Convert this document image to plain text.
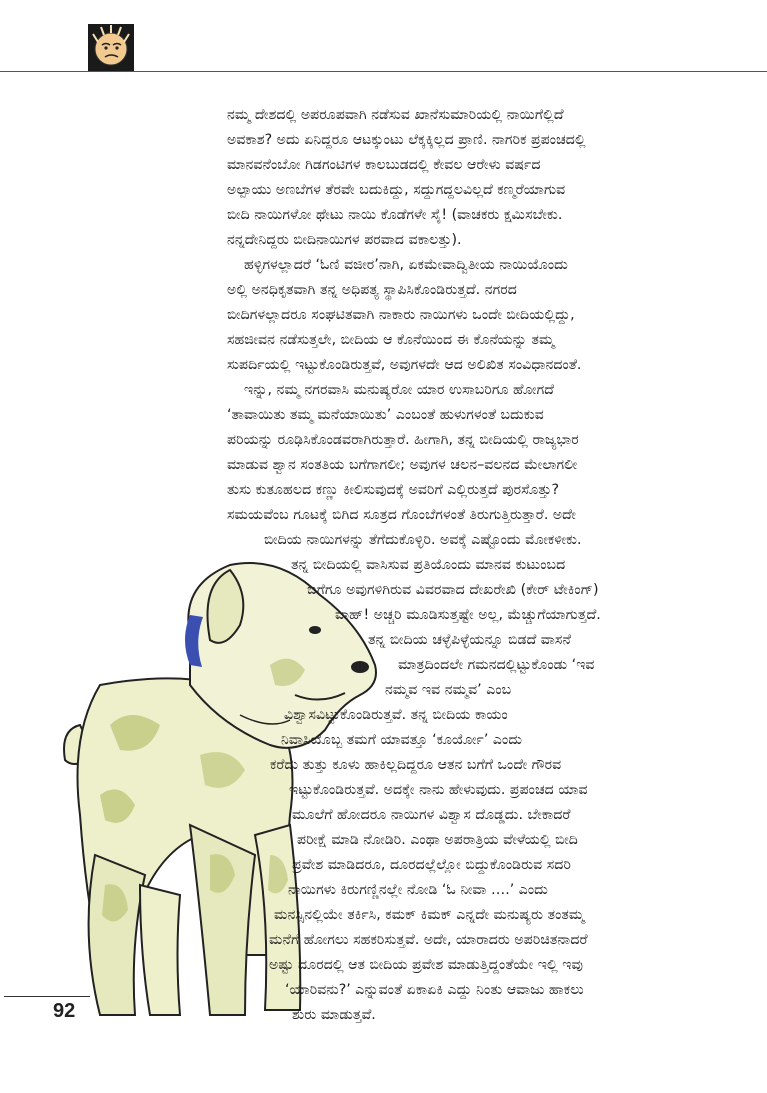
ನಮ್ಮ ದೇಶದಲ್ಲಿ ಅಪರೂಪವಾಗಿ ನಡೆಸುವ ಖಾನೆಸುಮಾರಿಯಲ್ಲಿ ನಾಯಿಗೆಲ್ಲಿದೆ
ಅವಕಾಶ? ಅದು ಏನಿದ್ದರೂ ಆಟಕ್ಕುಂಟು ಲೆಕ್ಕಕ್ಕಿಲ್ಲದ ಪ್ರಾಣಿ. ನಾಗರಿಕ ಪ್ರಪಂಚದಲ್ಲಿ
ಮಾನವನೆಂಬೋ ಗಿಡಗಂಟಿಗಳ ಕಾಲಬುಡದಲ್ಲಿ ಕೇವಲ ಆರೇಳು ವರ್ಷದ
ಅಲ್ಪಾಯು ಅಣಬೆಗಳ ತೆರವೇ ಬದುಕಿದ್ದು, ಸದ್ದುಗದ್ದಲವಿಲ್ಲದೆ ಕಣ್ಮರೆಯಾಗುವ
ಬೀದಿ ನಾಯಿಗಳೋ ಥೇಟು ನಾಯಿ ಕೊಡೆಗಳೇ ಸೈ! (ವಾಚಕರು ಕ್ಷಮಿಸಬೇಕು.
ನನ್ನದೇನಿದ್ದರು ಬೀದಿನಾಯಿಗಳ ಪರವಾದ ವಕಾಲತ್ತು).
ಹಳ್ಳಿಗಳಲ್ಲಾದರೆ ‘ಓಣಿ ವಜೀರ’ನಾಗಿ, ಏಕಮೇವಾದ್ವಿತೀಯ ನಾಯಿಯೊಂದು
ಅಲ್ಲಿ ಅನಧಿಕೃತವಾಗಿ ತನ್ನ ಅಧಿಪತ್ಯ ಸ್ಥಾಪಿಸಿಕೊಂಡಿರುತ್ತದೆ. ನಗರದ
ಬೀದಿಗಳಲ್ಲಾದರೂ ಸಂಘಟಿತವಾಗಿ ನಾಕಾರು ನಾಯಿಗಳು ಒಂದೇ ಬೀದಿಯಲ್ಲಿದ್ದು,
ಸಹಜೀವನ ನಡೆಸುತ್ತಲೇ, ಬೀದಿಯ ಆ ಕೊನೆಯಿಂದ ಈ ಕೊನೆಯನ್ನು ತಮ್ಮ
ಸುಪರ್ದಿಯಲ್ಲಿ ಇಟ್ಟುಕೊಂಡಿರುತ್ತವೆ, ಅವುಗಳದೇ ಆದ ಅಲಿಖಿತ ಸಂವಿಧಾನದಂತೆ.
ಇನ್ನು, ನಮ್ಮ ನಗರವಾಸಿ ಮನುಷ್ಯರೋ ಯಾರ ಉಸಾಬರಿಗೂ ಹೋಗದೆ
‘ತಾವಾಯಿತು ತಮ್ಮ ಮನೆಯಾಯಿತು’ ಎಂಬಂತೆ ಹುಳುಗಳಂತೆ ಬದುಕುವ
ಪರಿಯನ್ನು ರೂಢಿಸಿಕೊಂಡವರಾಗಿರುತ್ತಾರೆ. ಹೀಗಾಗಿ, ತನ್ನ ಬೀದಿಯಲ್ಲಿ ರಾಜ್ಯಭಾರ
ಮಾಡುವ ಶ್ವಾನ ಸಂತತಿಯ ಬಗೆಗಾಗಲೀ; ಅವುಗಳ ಚಲನ–ವಲನದ ಮೇಲಾಗಲೀ
ತುಸು ಕುತೂಹಲದ ಕಣ್ಣು ಕೀಲಿಸುವುದಕ್ಕೆ ಅವರಿಗೆ ಎಲ್ಲಿರುತ್ತದೆ ಪುರಸೊತ್ತು?
ಸಮಯವೆಂಬ ಗೂಟಕ್ಕೆ ಬಿಗಿದ ಸೂತ್ರದ ಗೊಂಬೆಗಳಂತೆ ತಿರುಗುತ್ತಿರುತ್ತಾರೆ. ಅದೇ
ಬೀದಿಯ ನಾಯಿಗಳನ್ನು ತೆಗೆದುಕೊಳ್ಳಿರಿ. ಅವಕ್ಕೆ ಎಷ್ಟೊಂದು ಮೋಕಳೀಕು.
ತನ್ನ ಬೀದಿಯಲ್ಲಿ ವಾಸಿಸುವ ಪ್ರತಿಯೊಂದು ಮಾನವ ಕುಟುಂಬದ
ಬಗೆಗೂ ಅವುಗಳಿಗಿರುವ ವಿವರವಾದ ದೇಖರೇಖಿ (ಕೇರ್ ಟೇಕಿಂಗ್)
ವಾಹ್! ಅಚ್ಚರಿ ಮೂಡಿಸುತ್ತಷ್ಟೇ ಅಲ್ಲ, ಮೆಚ್ಚುಗೆಯಾಗುತ್ತದೆ.
ತನ್ನ ಬೀದಿಯ ಚಳ್ಳೆಪಿಳ್ಳೆಯನ್ನೂ ಬಿಡದೆ ವಾಸನೆ
ಮಾತ್ರದಿಂದಲೇ ಗಮನದಲ್ಲಿಟ್ಟುಕೊಂಡು ‘ಇವ
ನಮ್ಮವ ಇವ ನಮ್ಮವ’ ಎಂಬ
ವಿಶ್ವಾಸವಿಟ್ಟುಕೊಂಡಿರುತ್ತವೆ. ತನ್ನ ಬೀದಿಯ ಕಾಯಂ
ನಿವಾಸಿಯೊಬ್ಬ ತಮಗೆ ಯಾವತ್ತೂ ‘ಕೂರ್ಯೋ’ ಎಂದು
ಕರೆದು ತುತ್ತು ಕೂಳು ಹಾಕಿಲ್ಲದಿದ್ದರೂ ಆತನ ಬಗೆಗೆ ಒಂದೇ ಗೌರವ
ಇಟ್ಟುಕೊಂಡಿರುತ್ತವೆ. ಅದಕ್ಕೇ ನಾನು ಹೇಳುವುದು. ಪ್ರಪಂಚದ ಯಾವ
ಮೂಲೆಗೆ ಹೋದರೂ ನಾಯಿಗಳ ವಿಶ್ವಾಸ ದೊಡ್ಡದು. ಬೇಕಾದರೆ
ಪರೀಕ್ಷೆ ಮಾಡಿ ನೋಡಿರಿ. ಎಂಥಾ ಅಪರಾತ್ರಿಯ ವೇಳೆಯಲ್ಲಿ ಬೀದಿ
ಪ್ರವೇಶ ಮಾಡಿದರೂ, ದೂರದಲ್ಲೆಲ್ಲೋ ಬಿದ್ದುಕೊಂಡಿರುವ ಸದರಿ
ನಾಯಿಗಳು ಕಿರುಗಣ್ಣಿನಲ್ಲೇ ನೋಡಿ ‘ಓ ನೀವಾ ….’ ಎಂದು
ಮನಸ್ಸಿನಲ್ಲಿಯೇ ತರ್ಕಿಸಿ, ಕಮಕ್ ಕಿಮಕ್ ಎನ್ನದೇ ಮನುಷ್ಯರು ತಂತಮ್ಮ
ಮನೆಗೆ ಹೋಗಲು ಸಹಕರಿಸುತ್ತವೆ. ಅದೇ, ಯಾರಾದರು ಅಪರಿಚಿತನಾದರೆ
ಅಷ್ಟು ದೂರದಲ್ಲಿ ಆತ ಬೀದಿಯ ಪ್ರವೇಶ ಮಾಡುತ್ತಿದ್ದಂತೆಯೇ ಇಲ್ಲಿ ಇವು
‘ಯಾರಿವನು?’ ಎನ್ನುವಂತೆ ಏಕಾಏಕಿ ಎದ್ದು ನಿಂತು ಆವಾಜು ಹಾಕಲು
ಶುರು ಮಾಡುತ್ತವೆ.
92
